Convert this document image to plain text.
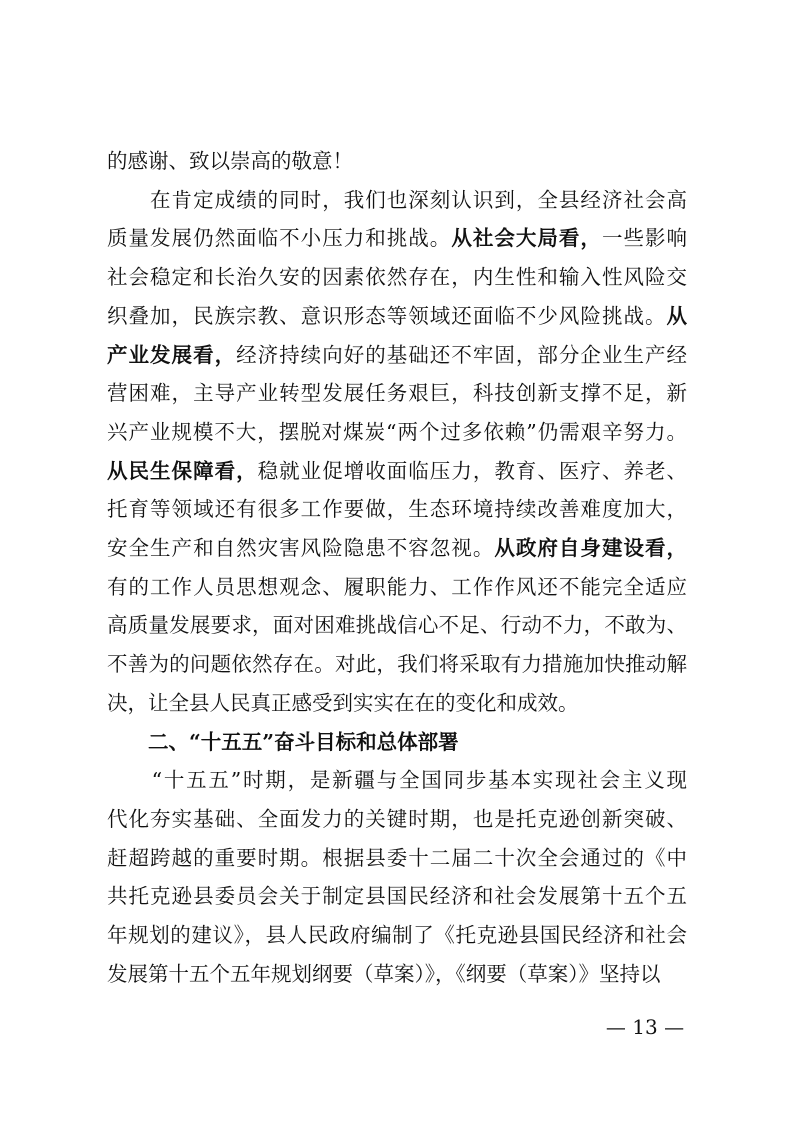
的感谢、致以崇高的敬意！
　　在肯定成绩的同时，我们也深刻认识到，全县经济社会高
质量发展仍然面临不小压力和挑战。从社会大局看，一些影响
社会稳定和长治久安的因素依然存在，内生性和输入性风险交
织叠加，民族宗教、意识形态等领域还面临不少风险挑战。从
产业发展看，经济持续向好的基础还不牢固，部分企业生产经
营困难，主导产业转型发展任务艰巨，科技创新支撑不足，新
兴产业规模不大，摆脱对煤炭“两个过多依赖”仍需艰辛努力。
从民生保障看，稳就业促增收面临压力，教育、医疗、养老、
托育等领域还有很多工作要做，生态环境持续改善难度加大，
安全生产和自然灾害风险隐患不容忽视。从政府自身建设看，
有的工作人员思想观念、履职能力、工作作风还不能完全适应
高质量发展要求，面对困难挑战信心不足、行动不力，不敢为、
不善为的问题依然存在。对此，我们将采取有力措施加快推动解
决，让全县人民真正感受到实实在在的变化和成效。
　　二、“十五五”奋斗目标和总体部署
　　“十五五”时期，是新疆与全国同步基本实现社会主义现
代化夯实基础、全面发力的关键时期，也是托克逊创新突破、
赶超跨越的重要时期。根据县委十二届二十次全会通过的《中
共托克逊县委员会关于制定县国民经济和社会发展第十五个五
年规划的建议》，县人民政府编制了《托克逊县国民经济和社会
发展第十五个五年规划纲要（草案）》，《纲要（草案）》坚持以
— 13 —
